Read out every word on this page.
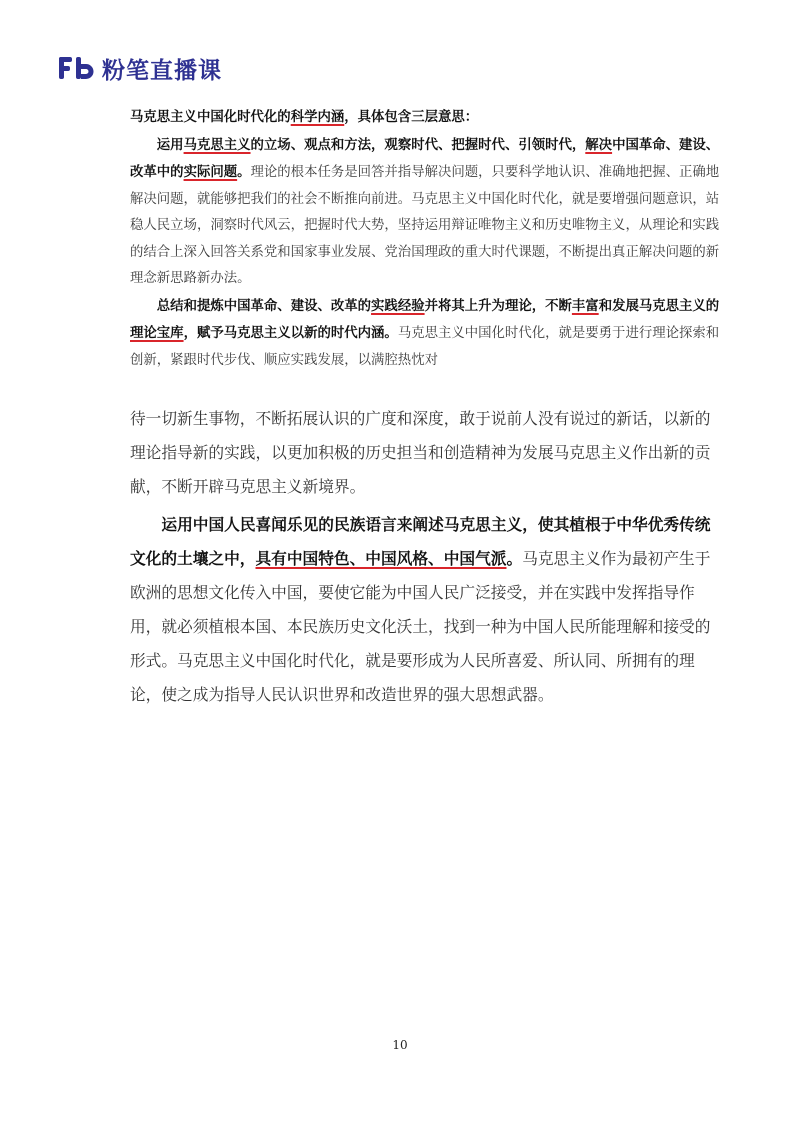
粉笔直播课

马克思主义中国化时代化的科学内涵，具体包含三层意思：

运用马克思主义的立场、观点和方法，观察时代、把握时代、引领时代，解决中国革命、建设、改革中的实际问题。理论的根本任务是回答并指导解决问题，只要科学地认识、准确地把握、正确地解决问题，就能够把我们的社会不断推向前进。马克思主义中国化时代化，就是要增强问题意识，站稳人民立场，洞察时代风云，把握时代大势，坚持运用辩证唯物主义和历史唯物主义，从理论和实践的结合上深入回答关系党和国家事业发展、党治国理政的重大时代课题，不断提出真正解决问题的新理念新思路新办法。

总结和提炼中国革命、建设、改革的实践经验并将其上升为理论，不断丰富和发展马克思主义的理论宝库，赋予马克思主义以新的时代内涵。马克思主义中国化时代化，就是要勇于进行理论探索和创新，紧跟时代步伐、顺应实践发展，以满腔热忱对

待一切新生事物，不断拓展认识的广度和深度，敢于说前人没有说过的新话，以新的理论指导新的实践，以更加积极的历史担当和创造精神为发展马克思主义作出新的贡献，不断开辟马克思主义新境界。

运用中国人民喜闻乐见的民族语言来阐述马克思主义，使其植根于中华优秀传统文化的土壤之中，具有中国特色、中国风格、中国气派。马克思主义作为最初产生于欧洲的思想文化传入中国，要使它能为中国人民广泛接受，并在实践中发挥指导作用，就必须植根本国、本民族历史文化沃土，找到一种为中国人民所能理解和接受的形式。马克思主义中国化时代化，就是要形成为人民所喜爱、所认同、所拥有的理论，使之成为指导人民认识世界和改造世界的强大思想武器。

10
